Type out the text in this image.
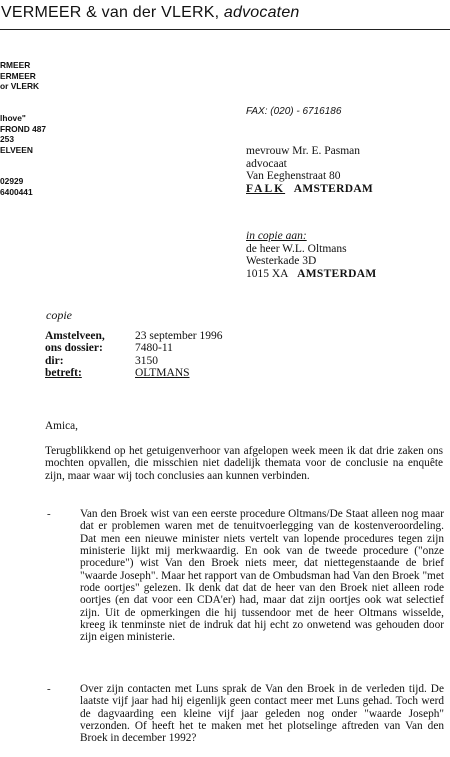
VERMEER & van der VLERK, advocaten
RMEER
ERMEER
or VLERK
lhove"
FROND 487
253
ELVEEN
02929
6400441
FAX: (020) - 6716186
mevrouw Mr. E. Pasman
advocaat
Van Eeghenstraat 80
FALK AMSTERDAM
in copie aan:
de heer W.L. Oltmans
Westerkade 3D
1015 XA AMSTERDAM
copie
Amstelveen,	23 september 1996
ons dossier:	7480-11
dir:	3150
betreft:	OLTMANS
Amica,
Terugblikkend op het getuigenverhoor van afgelopen week meen ik dat drie zaken ons mochten opvallen, die misschien niet dadelijk themata voor de conclusie na enquête zijn, maar waar wij toch conclusies aan kunnen verbinden.
-	Van den Broek wist van een eerste procedure Oltmans/De Staat alleen nog maar dat er problemen waren met de tenuitvoerlegging van de kostenveroordeling. Dat men een nieuwe minister niets vertelt van lopende procedures tegen zijn ministerie lijkt mij merkwaardig. En ook van de tweede procedure ("onze procedure") wist Van den Broek niets meer, dat niettegenstaande de brief "waarde Joseph". Maar het rapport van de Ombudsman had Van den Broek "met rode oortjes" gelezen. Ik denk dat dat de heer van den Broek niet alleen rode oortjes (en dat voor een CDA'er) had, maar dat zijn oortjes ook wat selectief zijn. Uit de opmerkingen die hij tussendoor met de heer Oltmans wisselde, kreeg ik tenminste niet de indruk dat hij echt zo onwetend was gehouden door zijn eigen ministerie.
-	Over zijn contacten met Luns sprak de Van den Broek in de verleden tijd. De laatste vijf jaar had hij eigenlijk geen contact meer met Luns gehad. Toch werd de dagvaarding een kleine vijf jaar geleden nog onder "waarde Joseph" verzonden. Of heeft het te maken met het plotselinge aftreden van Van den Broek in december 1992?
